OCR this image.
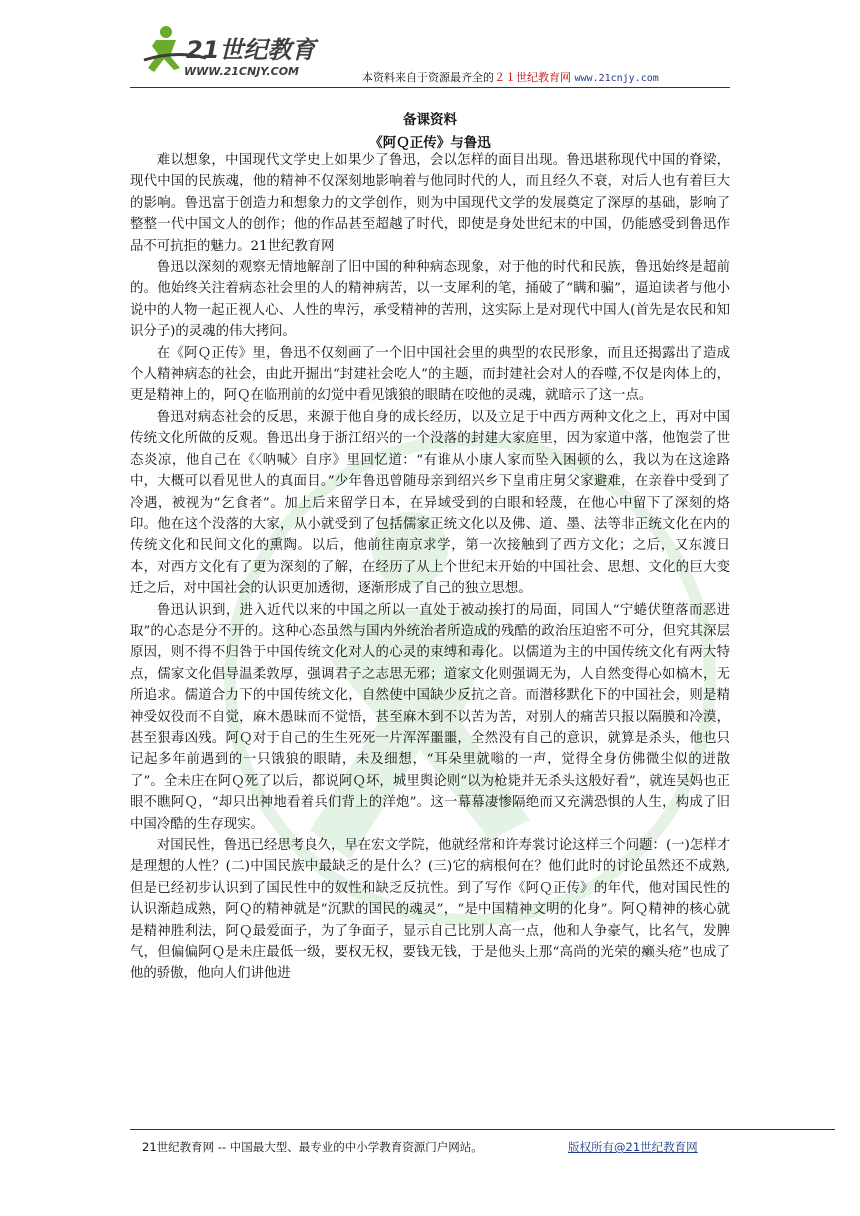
21世纪教育
WWW.21CNJY.COM	本资料来自于资源最齐全的２１世纪教育网 www.21cnjy.com
备课资料
《阿Ｑ正传》与鲁迅

难以想象，中国现代文学史上如果少了鲁迅，会以怎样的面目出现。鲁迅堪称现代中国的脊梁，现代中国的民族魂，他的精神不仅深刻地影响着与他同时代的人，而且经久不衰，对后人也有着巨大的影响。鲁迅富于创造力和想象力的文学创作，则为中国现代文学的发展奠定了深厚的基础，影响了整整一代中国文人的创作；他的作品甚至超越了时代，即使是身处世纪末的中国，仍能感受到鲁迅作品不可抗拒的魅力。21世纪教育网

鲁迅以深刻的观察无情地解剖了旧中国的种种病态现象，对于他的时代和民族，鲁迅始终是超前的。他始终关注着病态社会里的人的精神病苦，以一支犀利的笔，捅破了“瞒和骗”，逼迫读者与他小说中的人物一起正视人心、人性的卑污，承受精神的苦刑，这实际上是对现代中国人(首先是农民和知识分子)的灵魂的伟大拷问。

在《阿Ｑ正传》里，鲁迅不仅刻画了一个旧中国社会里的典型的农民形象，而且还揭露出了造成个人精神病态的社会，由此开掘出“封建社会吃人”的主题，而封建社会对人的吞噬,不仅是肉体上的，更是精神上的，阿Ｑ在临刑前的幻觉中看见饿狼的眼睛在咬他的灵魂，就暗示了这一点。

鲁迅对病态社会的反思，来源于他自身的成长经历，以及立足于中西方两种文化之上，再对中国传统文化所做的反观。鲁迅出身于浙江绍兴的一个没落的封建大家庭里，因为家道中落，他饱尝了世态炎凉，他自己在《〈呐喊〉自序》里回忆道：“有谁从小康人家而坠入困顿的么，我以为在这途路中，大概可以看见世人的真面目。”少年鲁迅曾随母亲到绍兴乡下皇甫庄舅父家避难，在亲眷中受到了冷遇，被视为“乞食者”。加上后来留学日本，在异域受到的白眼和轻蔑，在他心中留下了深刻的烙印。他在这个没落的大家，从小就受到了包括儒家正统文化以及佛、道、墨、法等非正统文化在内的传统文化和民间文化的熏陶。以后，他前往南京求学，第一次接触到了西方文化；之后，又东渡日本，对西方文化有了更为深刻的了解，在经历了从上个世纪末开始的中国社会、思想、文化的巨大变迁之后，对中国社会的认识更加透彻，逐渐形成了自己的独立思想。

鲁迅认识到，进入近代以来的中国之所以一直处于被动挨打的局面，同国人“宁蜷伏堕落而恶进取”的心态是分不开的。这种心态虽然与国内外统治者所造成的残酷的政治压迫密不可分，但究其深层原因，则不得不归咎于中国传统文化对人的心灵的束缚和毒化。以儒道为主的中国传统文化有两大特点，儒家文化倡导温柔敦厚，强调君子之志思无邪；道家文化则强调无为，人自然变得心如槁木，无所追求。儒道合力下的中国传统文化，自然使中国缺少反抗之音。而潜移默化下的中国社会，则是精神受奴役而不自觉，麻木愚昧而不觉悟，甚至麻木到不以苦为苦，对别人的痛苦只报以隔膜和冷漠，甚至狠毒凶残。阿Ｑ对于自己的生生死死一片浑浑噩噩，全然没有自己的意识，就算是杀头，他也只记起多年前遇到的一只饿狼的眼睛，未及细想，“耳朵里就嗡的一声，觉得全身仿佛微尘似的迸散了”。全未庄在阿Ｑ死了以后，都说阿Ｑ坏，城里舆论则“以为枪毙并无杀头这般好看”，就连吴妈也正眼不瞧阿Ｑ，“却只出神地看着兵们背上的洋炮”。这一幕幕凄惨隔绝而又充满恐惧的人生，构成了旧中国冷酷的生存现实。

对国民性，鲁迅已经思考良久，早在宏文学院，他就经常和许寿裳讨论这样三个问题：(一)怎样才是理想的人性？(二)中国民族中最缺乏的是什么？(三)它的病根何在？他们此时的讨论虽然还不成熟,但是已经初步认识到了国民性中的奴性和缺乏反抗性。到了写作《阿Ｑ正传》的年代，他对国民性的认识渐趋成熟，阿Ｑ的精神就是“沉默的国民的魂灵”，“是中国精神文明的化身”。阿Ｑ精神的核心就是精神胜利法，阿Ｑ最爱面子，为了争面子，显示自己比别人高一点，他和人争豪气，比名气，发脾气，但偏偏阿Ｑ是未庄最低一级，要权无权，要钱无钱，于是他头上那“高尚的光荣的癞头疮”也成了他的骄傲，他向人们讲他进

21世纪教育网 -- 中国最大型、最专业的中小学教育资源门户网站。	版权所有@21世纪教育网
